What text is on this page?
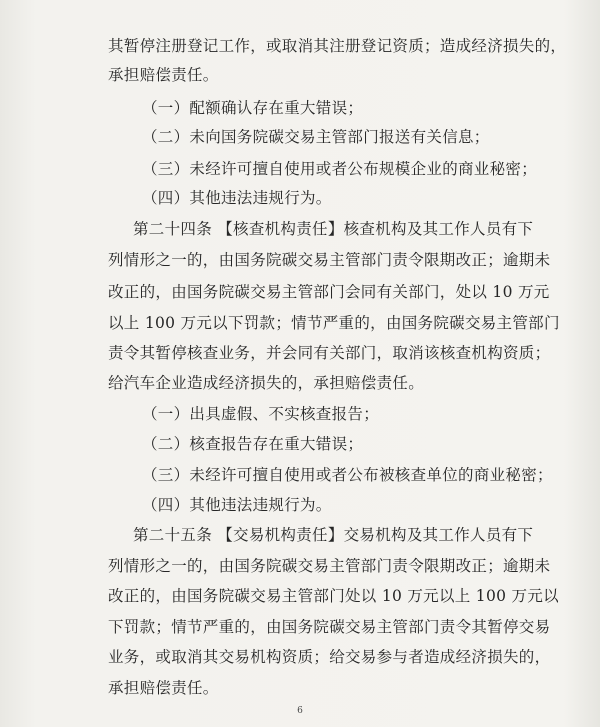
其暂停注册登记工作，或取消其注册登记资质；造成经济损失的，
承担赔偿责任。
（一）配额确认存在重大错误；
（二）未向国务院碳交易主管部门报送有关信息；
（三）未经许可擅自使用或者公布规模企业的商业秘密；
（四）其他违法违规行为。
第二十四条 【核查机构责任】核查机构及其工作人员有下
列情形之一的，由国务院碳交易主管部门责令限期改正；逾期未
改正的，由国务院碳交易主管部门会同有关部门，处以 10 万元
以上 100 万元以下罚款；情节严重的，由国务院碳交易主管部门
责令其暂停核查业务，并会同有关部门，取消该核查机构资质；
给汽车企业造成经济损失的，承担赔偿责任。
（一）出具虚假、不实核查报告；
（二）核查报告存在重大错误；
（三）未经许可擅自使用或者公布被核查单位的商业秘密；
（四）其他违法违规行为。
第二十五条 【交易机构责任】交易机构及其工作人员有下
列情形之一的，由国务院碳交易主管部门责令限期改正；逾期未
改正的，由国务院碳交易主管部门处以 10 万元以上 100 万元以
下罚款；情节严重的，由国务院碳交易主管部门责令其暂停交易
业务，或取消其交易机构资质；给交易参与者造成经济损失的，
承担赔偿责任。
6
